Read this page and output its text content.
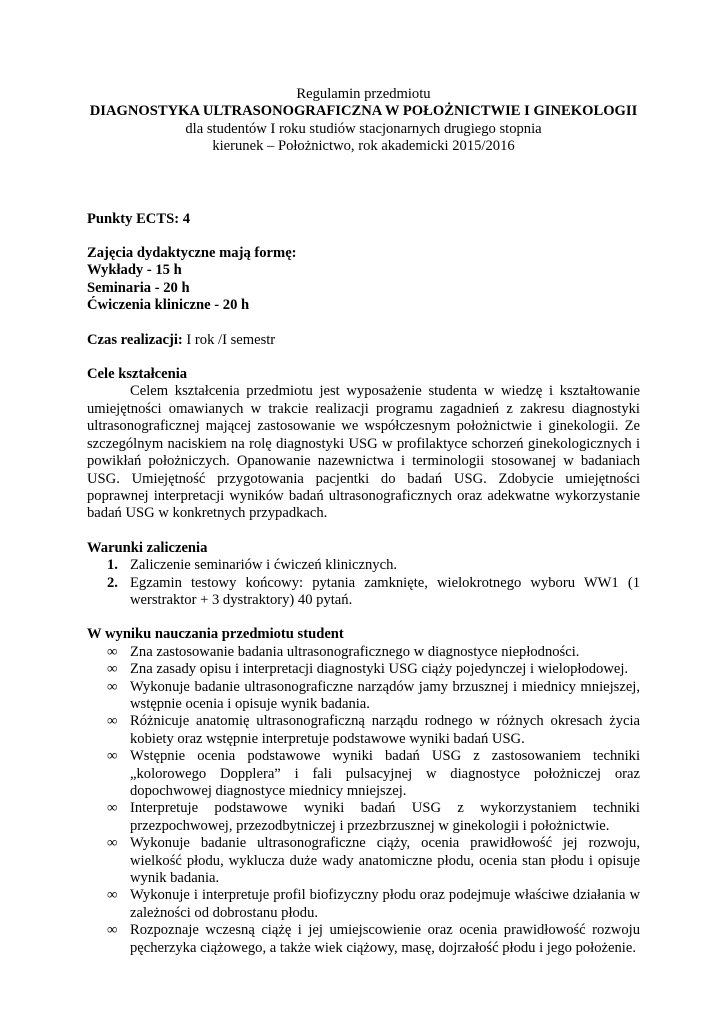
Regulamin przedmiotu

DIAGNOSTYKA ULTRASONOGRAFICZNA W POŁOŻNICTWIE I GINEKOLOGII

dla studentów I roku studiów stacjonarnych drugiego stopnia

kierunek – Położnictwo, rok akademicki 2015/2016

Punkty ECTS: 4

Zajęcia dydaktyczne mają formę:

Wykłady - 15 h

Seminaria - 20 h

Ćwiczenia kliniczne - 20 h

Czas realizacji: I rok /I semestr

Cele kształcenia

Celem kształcenia przedmiotu jest wyposażenie studenta w wiedzę i kształtowanie umiejętności omawianych w trakcie realizacji programu zagadnień z zakresu diagnostyki ultrasonograficznej mającej zastosowanie we współczesnym położnictwie i ginekologii. Ze szczególnym naciskiem na rolę diagnostyki USG w profilaktyce schorzeń ginekologicznych i powikłań położniczych. Opanowanie nazewnictwa i terminologii stosowanej w badaniach USG. Umiejętność przygotowania pacjentki do badań USG. Zdobycie umiejętności poprawnej interpretacji wyników badań ultrasonograficznych oraz adekwatne wykorzystanie badań USG w konkretnych przypadkach.

Warunki zaliczenia

1. Zaliczenie seminariów i ćwiczeń klinicznych.
2. Egzamin testowy końcowy: pytania zamknięte, wielokrotnego wyboru WW1 (1 werstraktor + 3 dystraktory) 40 pytań.

W wyniku nauczania przedmiotu student

∞ Zna zastosowanie badania ultrasonograficznego w diagnostyce niepłodności.
∞ Zna zasady opisu i interpretacji diagnostyki USG ciąży pojedynczej i wielopłodowej.
∞ Wykonuje badanie ultrasonograficzne narządów jamy brzusznej i miednicy mniejszej, wstępnie ocenia i opisuje wynik badania.
∞ Różnicuje anatomię ultrasonograficzną narządu rodnego w różnych okresach życia kobiety oraz wstępnie interpretuje podstawowe wyniki badań USG.
∞ Wstępnie ocenia podstawowe wyniki badań USG z zastosowaniem techniki „kolorowego Dopplera” i fali pulsacyjnej w diagnostyce położniczej oraz dopochwowej diagnostyce miednicy mniejszej.
∞ Interpretuje podstawowe wyniki badań USG z wykorzystaniem techniki przezpochwowej, przezodbytniczej i przezbrzusznej w ginekologii i położnictwie.
∞ Wykonuje badanie ultrasonograficzne ciąży, ocenia prawidłowość jej rozwoju, wielkość płodu, wyklucza duże wady anatomiczne płodu, ocenia stan płodu i opisuje wynik badania.
∞ Wykonuje i interpretuje profil biofizyczny płodu oraz podejmuje właściwe działania w zależności od dobrostanu płodu.
∞ Rozpoznaje wczesną ciążę i jej umiejscowienie oraz ocenia prawidłowość rozwoju pęcherzyka ciążowego, a także wiek ciążowy, masę, dojrzałość płodu i jego położenie.
